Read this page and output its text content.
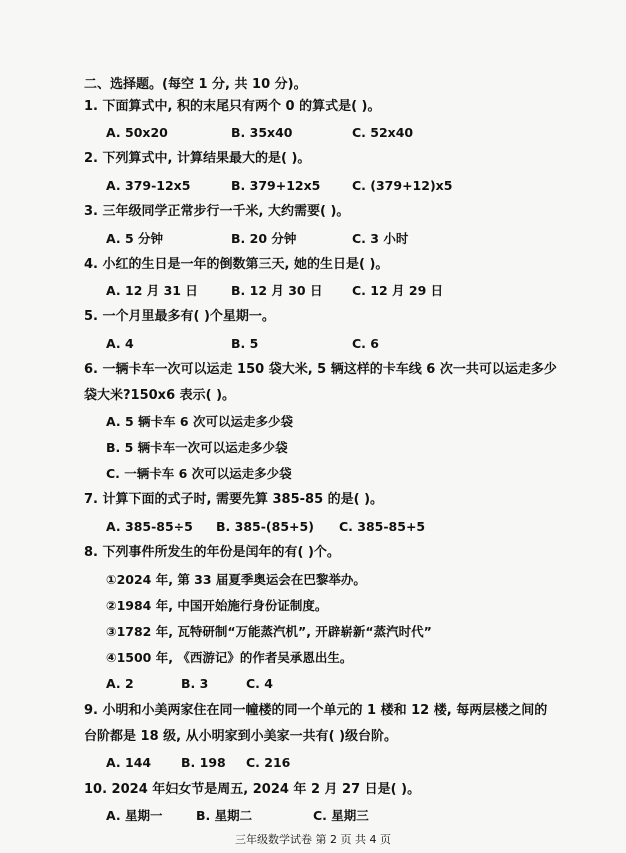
二、选择题。(每空 1 分, 共 10 分)。
1. 下面算式中, 积的末尾只有两个 0 的算式是( )。
A. 50x20	B. 35x40	C. 52x40
2. 下列算式中, 计算结果最大的是( )。
A. 379-12x5	B. 379+12x5	C. (379+12)x5
3. 三年级同学正常步行一千米, 大约需要( )。
A. 5 分钟	B. 20 分钟	C. 3 小时
4. 小红的生日是一年的倒数第三天, 她的生日是( )。
A. 12 月 31 日	B. 12 月 30 日 C. 12 月 29 日
5. 一个月里最多有( )个星期一。
A. 4	B. 5	C. 6
6. 一辆卡车一次可以运走 150 袋大米, 5 辆这样的卡车线 6 次一共可以运走多少
袋大米?150x6 表示( )。
A. 5 辆卡车 6 次可以运走多少袋
B. 5 辆卡车一次可以运走多少袋
C. 一辆卡车 6 次可以运走多少袋
7. 计算下面的式子时, 需要先算 385-85 的是( )。
A. 385-85÷5 B. 385-(85+5) C. 385-85+5
8. 下列事件所发生的年份是闰年的有( )个。
①2024 年, 第 33 届夏季奥运会在巴黎举办。
②1984 年, 中国开始施行身份证制度。
③1782 年, 瓦特研制“万能蒸汽机”, 开辟崭新“蒸汽时代”
④1500 年, 《西游记》的作者吴承恩出生。
A. 2	B. 3	C. 4
9. 小明和小美两家住在同一幢楼的同一个单元的 1 楼和 12 楼, 每两层楼之间的
台阶都是 18 级, 从小明家到小美家一共有( )级台阶。
A. 144 B. 198 C. 216
10. 2024 年妇女节是周五, 2024 年 2 月 27 日是( )。
A. 星期一	B. 星期二	C. 星期三
三年级数学试卷 第 2 页 共 4 页
